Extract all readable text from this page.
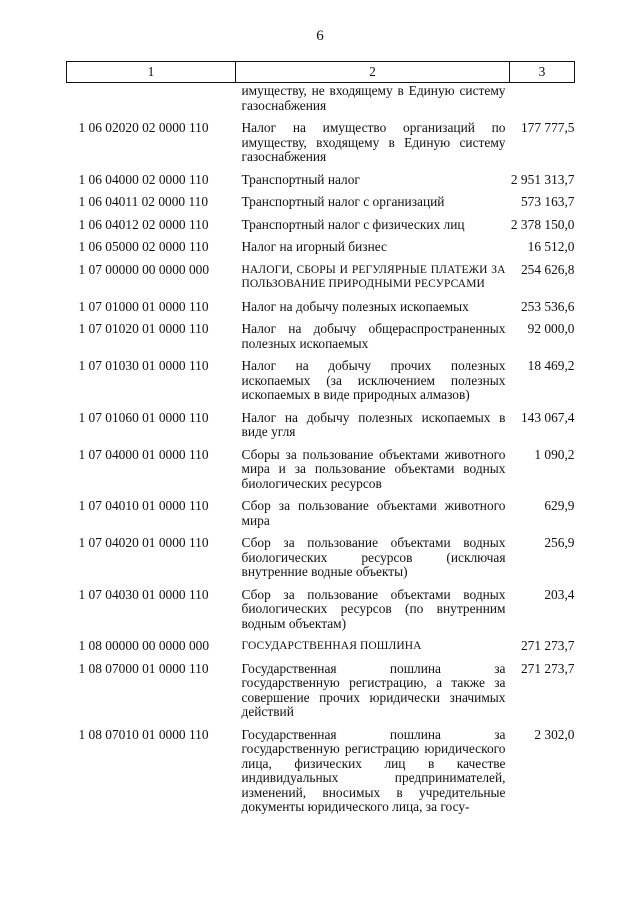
6
1	2	3
	имуществу, не входящему в Единую систему газоснабжения	
1 06 02020 02 0000 110	Налог на имущество организаций по имуществу, входящему в Единую систему газоснабжения	177 777,5
1 06 04000 02 0000 110	Транспортный налог	2 951 313,7
1 06 04011 02 0000 110	Транспортный налог с организаций	573 163,7
1 06 04012 02 0000 110	Транспортный налог с физических лиц	2 378 150,0
1 06 05000 02 0000 110	Налог на игорный бизнес	16 512,0
1 07 00000 00 0000 000	НАЛОГИ, СБОРЫ И РЕГУЛЯРНЫЕ ПЛАТЕЖИ ЗА ПОЛЬЗОВАНИЕ ПРИРОДНЫМИ РЕСУРСАМИ	254 626,8
1 07 01000 01 0000 110	Налог на добычу полезных ископаемых	253 536,6
1 07 01020 01 0000 110	Налог на добычу общераспространенных полезных ископаемых	92 000,0
1 07 01030 01 0000 110	Налог на добычу прочих полезных ископаемых (за исключением полезных ископаемых в виде природных алмазов)	18 469,2
1 07 01060 01 0000 110	Налог на добычу полезных ископаемых в виде угля	143 067,4
1 07 04000 01 0000 110	Сборы за пользование объектами животного мира и за пользование объектами водных биологических ресурсов	1 090,2
1 07 04010 01 0000 110	Сбор за пользование объектами животного мира	629,9
1 07 04020 01 0000 110	Сбор за пользование объектами водных биологических ресурсов (исключая внутренние водные объекты)	256,9
1 07 04030 01 0000 110	Сбор за пользование объектами водных биологических ресурсов (по внутренним водным объектам)	203,4
1 08 00000 00 0000 000	ГОСУДАРСТВЕННАЯ ПОШЛИНА	271 273,7
1 08 07000 01 0000 110	Государственная пошлина за государственную регистрацию, а также за совершение прочих юридически значимых действий	271 273,7
1 08 07010 01 0000 110	Государственная пошлина за государственную регистрацию юридического лица, физических лиц в качестве индивидуальных предпринимателей, изменений, вносимых в учредительные документы юридического лица, за госу-	2 302,0
